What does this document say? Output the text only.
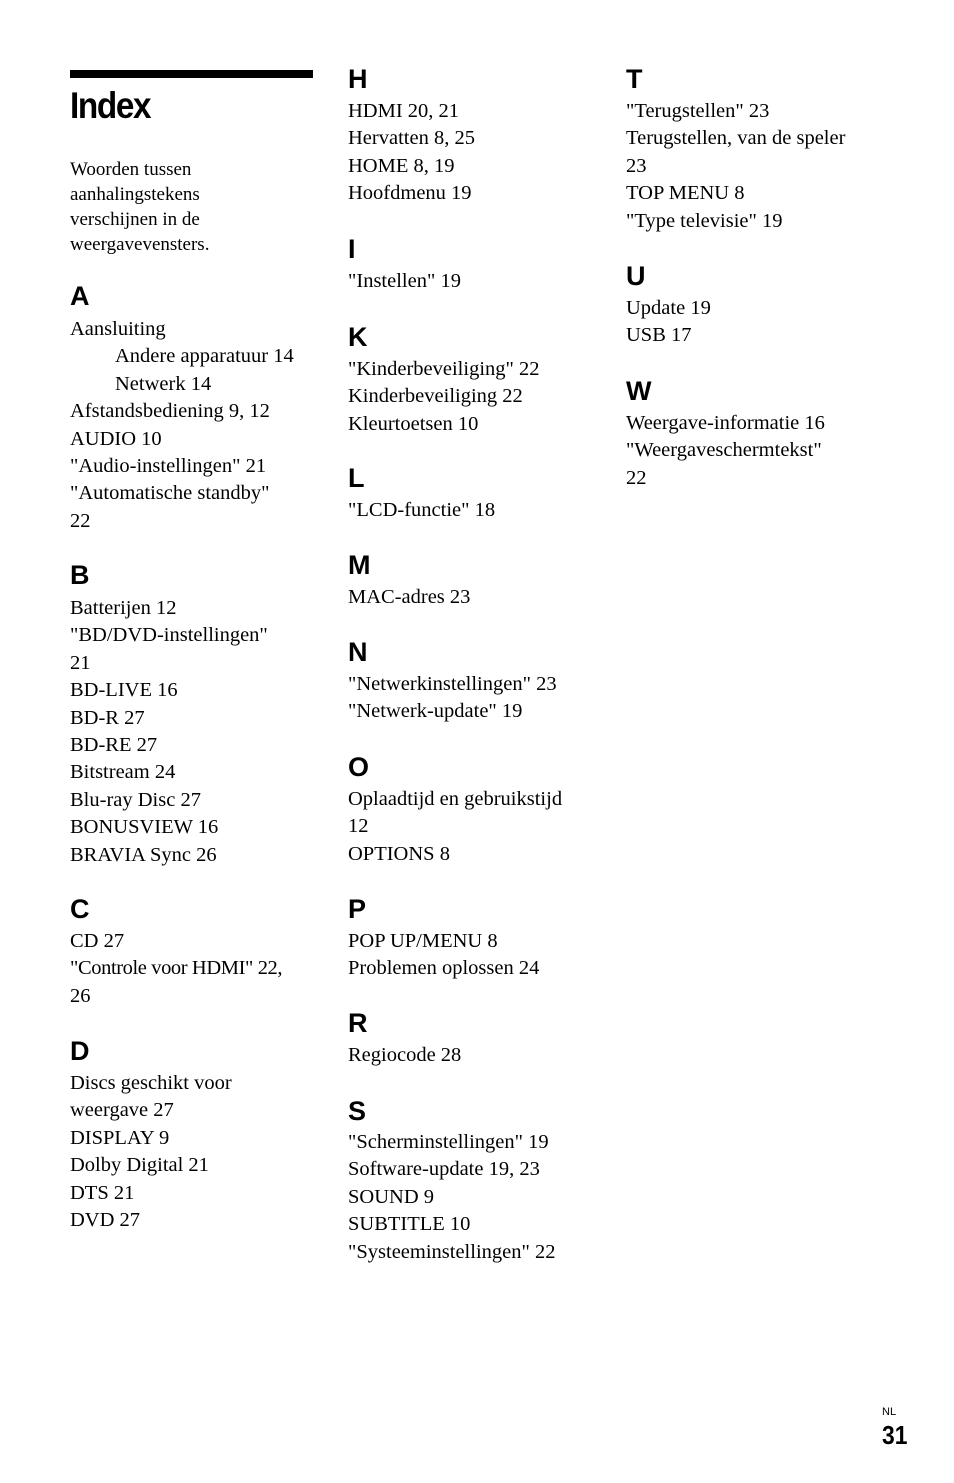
Index
Woorden tussen
aanhalingstekens
verschijnen in de
weergavevensters.
A
Aansluiting
Andere apparatuur 14
Netwerk 14
Afstandsbediening 9, 12
AUDIO 10
"Audio-instellingen" 21
"Automatische standby"
22
B
Batterijen 12
"BD/DVD-instellingen"
21
BD-LIVE 16
BD-R 27
BD-RE 27
Bitstream 24
Blu-ray Disc 27
BONUSVIEW 16
BRAVIA Sync 26
C
CD 27
"Controle voor HDMI" 22,
26
D
Discs geschikt voor
weergave 27
DISPLAY 9
Dolby Digital 21
DTS 21
DVD 27
H
HDMI 20, 21
Hervatten 8, 25
HOME 8, 19
Hoofdmenu 19
I
"Instellen" 19
K
"Kinderbeveiliging" 22
Kinderbeveiliging 22
Kleurtoetsen 10
L
"LCD-functie" 18
M
MAC-adres 23
N
"Netwerkinstellingen" 23
"Netwerk-update" 19
O
Oplaadtijd en gebruikstijd
12
OPTIONS 8
P
POP UP/MENU 8
Problemen oplossen 24
R
Regiocode 28
S
"Scherminstellingen" 19
Software-update 19, 23
SOUND 9
SUBTITLE 10
"Systeeminstellingen" 22
T
"Terugstellen" 23
Terugstellen, van de speler
23
TOP MENU 8
"Type televisie" 19
U
Update 19
USB 17
W
Weergave-informatie 16
"Weergaveschermtekst"
22
NL
31
